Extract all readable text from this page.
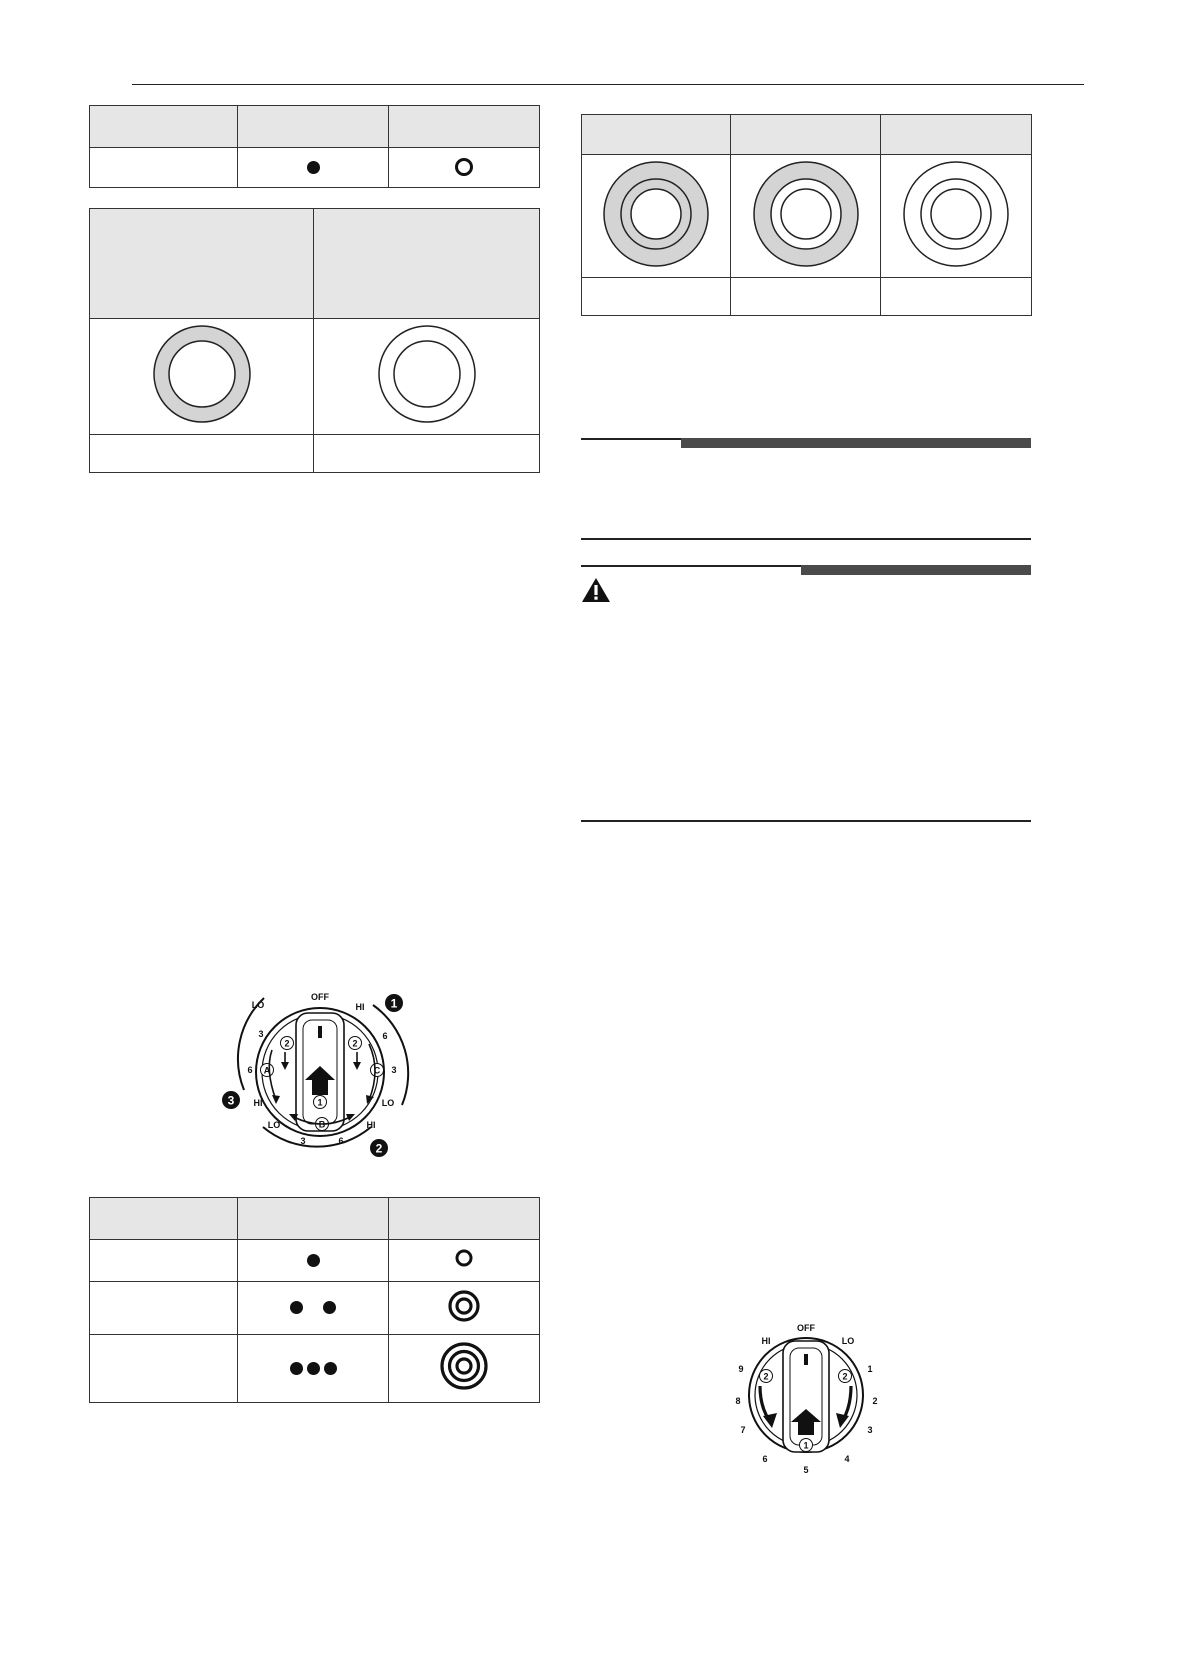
1
2
A
2
C
B
OFF
LO	HI
3
6
HI
LO
3	6
HI
6
3
LO
1
2
3

1
2	2
OFF
HI	LO
9
8
7
6
5
4
3
2
1
